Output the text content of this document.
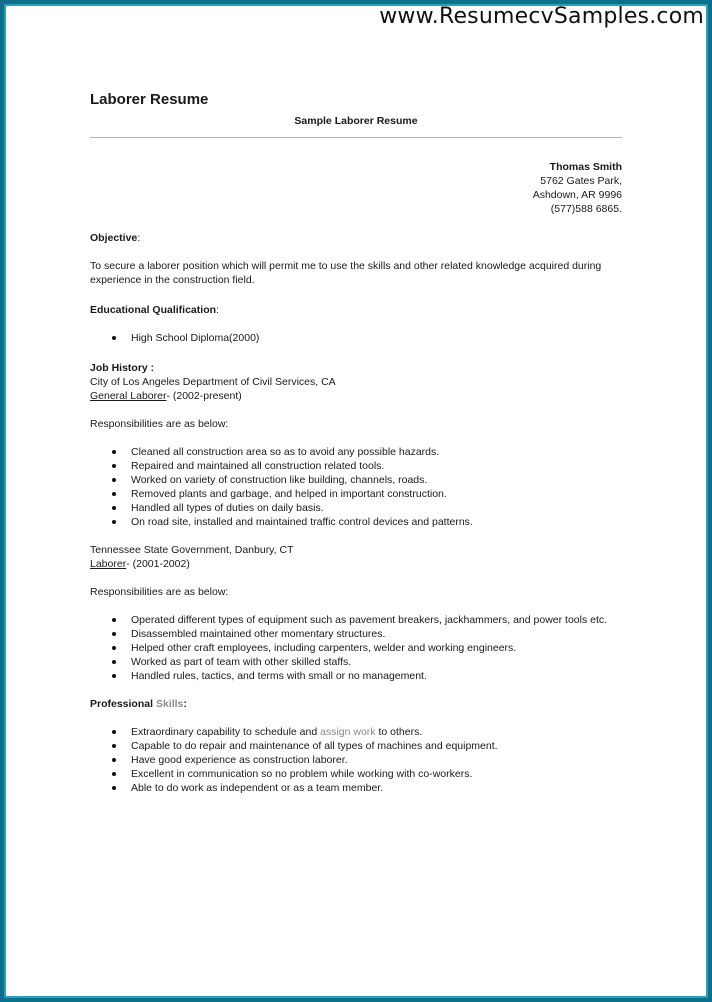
www.ResumecvSamples.com
Laborer Resume
Sample Laborer Resume
Thomas Smith
5762 Gates Park,
Ashdown, AR 9996
(577)588 6865.
Objective:

To secure a laborer position which will permit me to use the skills and other related knowledge acquired during experience in the construction field.

Educational Qualification:
High School Diploma(2000)
Job History :
City of Los Angeles Department of Civil Services, CA
General Laborer- (2002-present)
Responsibilities are as below:
Cleaned all construction area so as to avoid any possible hazards.
Repaired and maintained all construction related tools.
Worked on variety of construction like building, channels, roads.
Removed plants and garbage, and helped in important construction.
Handled all types of duties on daily basis.
On road site, installed and maintained traffic control devices and patterns.
Tennessee State Government, Danbury, CT
Laborer- (2001-2002)
Responsibilities are as below:
Operated different types of equipment such as pavement breakers, jackhammers, and power tools etc.
Disassembled maintained other momentary structures.
Helped other craft employees, including carpenters, welder and working engineers.
Worked as part of team with other skilled staffs.
Handled rules, tactics, and terms with small or no management.
Professional Skills:
Extraordinary capability to schedule and assign work to others.
Capable to do repair and maintenance of all types of machines and equipment.
Have good experience as construction laborer.
Excellent in communication so no problem while working with co-workers.
Able to do work as independent or as a team member.
